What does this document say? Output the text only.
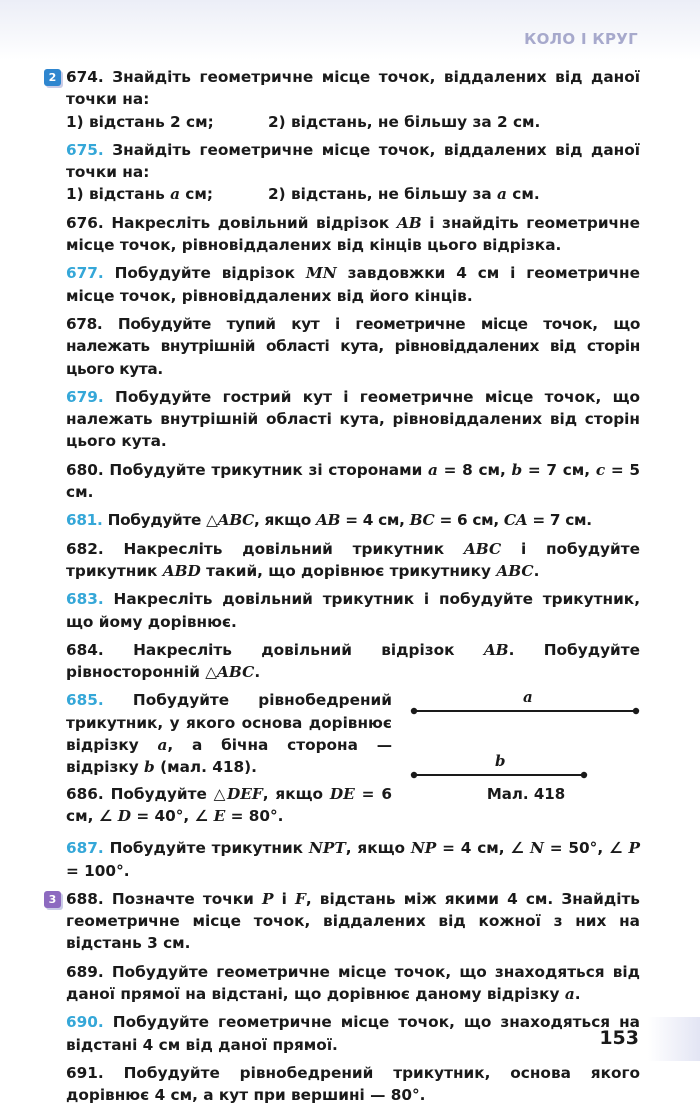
КОЛО І КРУГ
2 674. Знайдіть геометричне місце точок, віддалених від даної точки на:
1) відстань 2 см;	2) відстань, не більшу за 2 см.
675. Знайдіть геометричне місце точок, віддалених від даної точки на:
1) відстань a см;	2) відстань, не більшу за a см.
676. Накресліть довільний відрізок AB і знайдіть геометричне місце точок, рівновіддалених від кінців цього відрізка.
677. Побудуйте відрізок MN завдовжки 4 см і геометричне місце точок, рівновіддалених від його кінців.
678. Побудуйте тупий кут і геометричне місце точок, що належать внутрішній області кута, рівновіддалених від сторін цього кута.
679. Побудуйте гострий кут і геометричне місце точок, що належать внутрішній області кута, рівновіддалених від сторін цього кута.
680. Побудуйте трикутник зі сторонами a = 8 см, b = 7 см, c = 5 см.
681. Побудуйте △ABC, якщо AB = 4 см, BC = 6 см, CA = 7 см.
682. Накресліть довільний трикутник ABC і побудуйте трикутник ABD такий, що дорівнює трикутнику ABC.
683. Накресліть довільний трикутник і побудуйте трикутник, що йому дорівнює.
684. Накресліть довільний відрізок AB. Побудуйте рівносторонній △ABC.
685. Побудуйте рівнобедрений трикутник, у якого основа дорівнює відрізку a, а бічна сторона — відрізку b (мал. 418).
686. Побудуйте △DEF, якщо DE = 6 см, ∠ D = 40°, ∠ E = 80°.
a
b
Мал. 418
687. Побудуйте трикутник NPT, якщо NP = 4 см, ∠ N = 50°, ∠ P = 100°.
3 688. Позначте точки P і F, відстань між якими 4 см. Знайдіть геометричне місце точок, віддалених від кожної з них на відстань 3 см.
689. Побудуйте геометричне місце точок, що знаходяться від даної прямої на відстані, що дорівнює даному відрізку a.
690. Побудуйте геометричне місце точок, що знаходяться на відстані 4 см від даної прямої.
691. Побудуйте рівнобедрений трикутник, основа якого дорівнює 4 см, а кут при вершині — 80°.
153
